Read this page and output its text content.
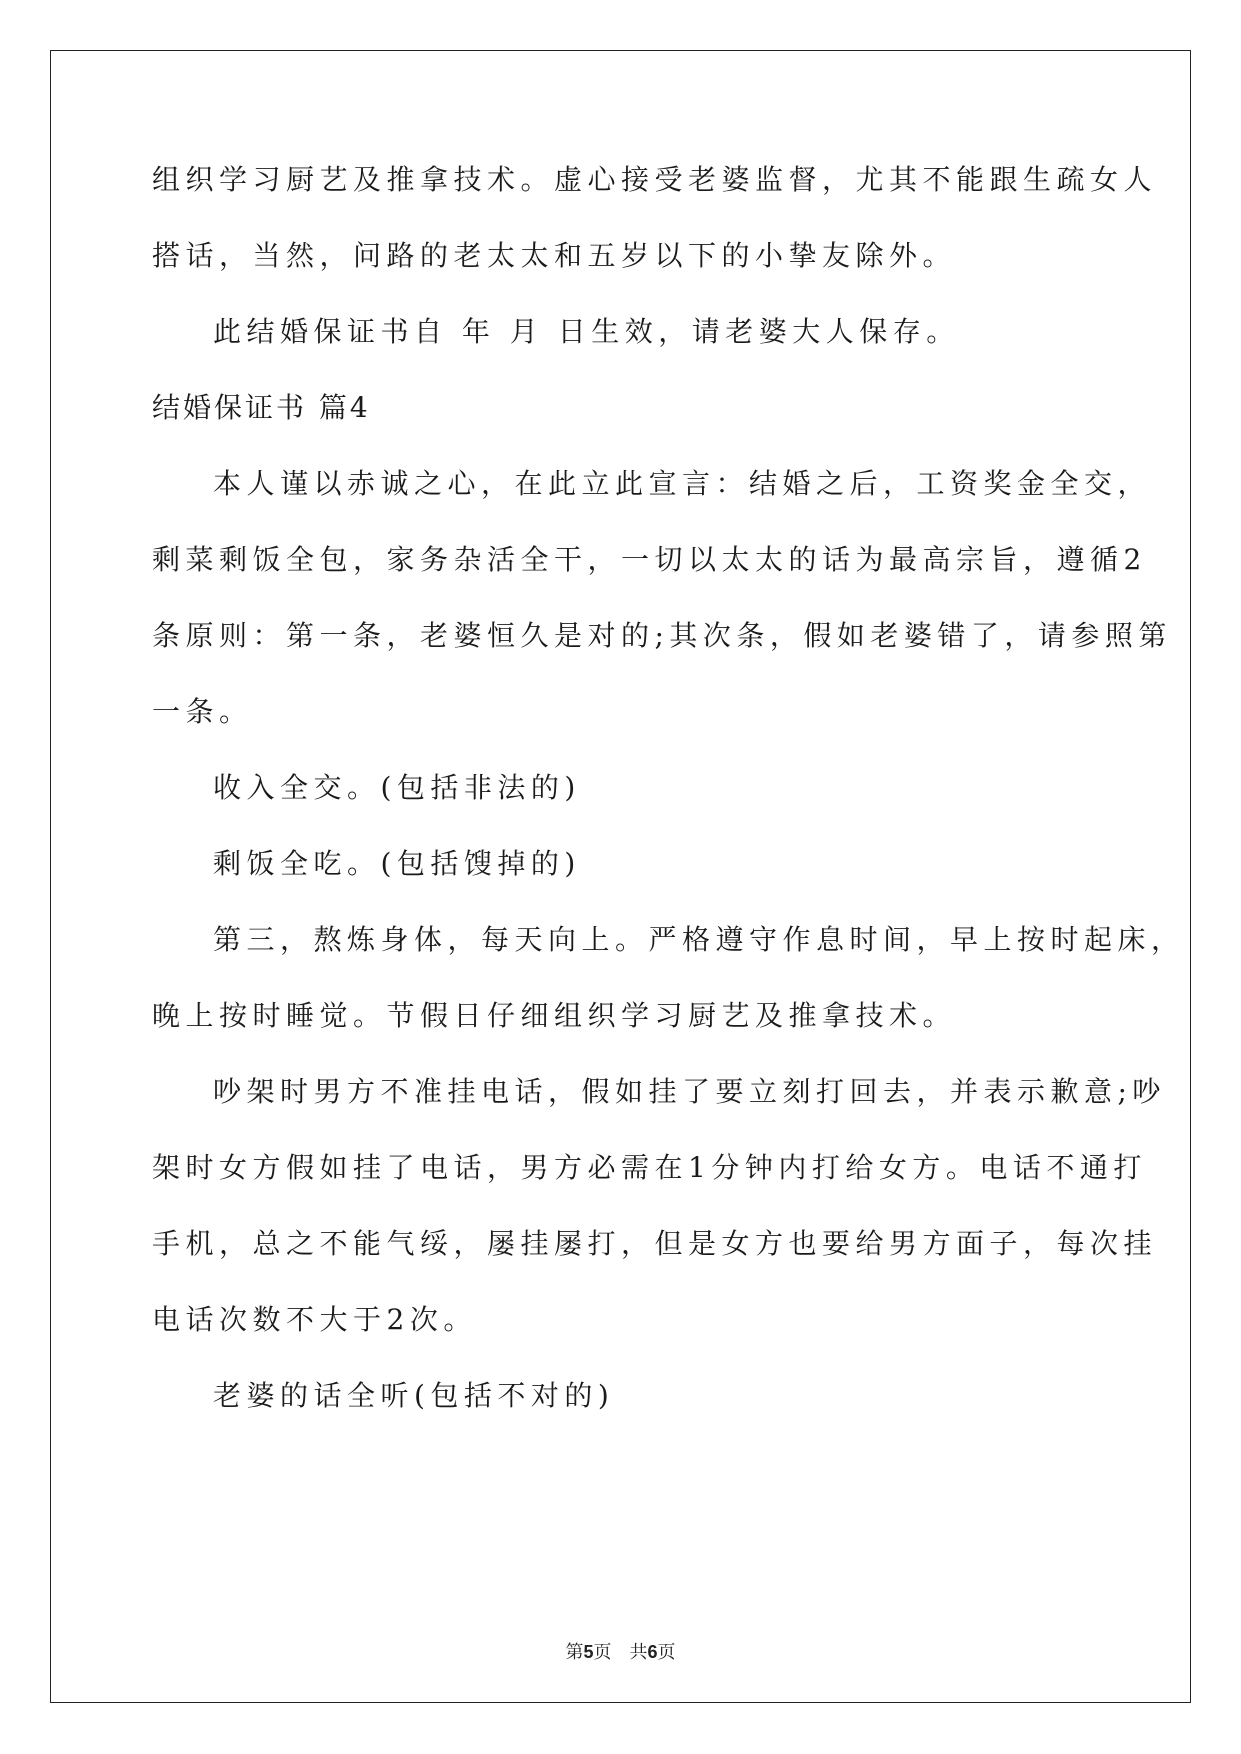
组织学习厨艺及推拿技术。虚心接受老婆监督，尤其不能跟生疏女人
搭话，当然，问路的老太太和五岁以下的小挚友除外。
此结婚保证书自 年 月 日生效，请老婆大人保存。
结婚保证书 篇4
本人谨以赤诚之心，在此立此宣言：结婚之后，工资奖金全交，
剩菜剩饭全包，家务杂活全干，一切以太太的话为最高宗旨，遵循2
条原则：第一条，老婆恒久是对的;其次条，假如老婆错了，请参照第
一条。
收入全交。(包括非法的)
剩饭全吃。(包括馊掉的)
第三，熬炼身体，每天向上。严格遵守作息时间，早上按时起床，
晚上按时睡觉。节假日仔细组织学习厨艺及推拿技术。
吵架时男方不准挂电话，假如挂了要立刻打回去，并表示歉意;吵
架时女方假如挂了电话，男方必需在1分钟内打给女方。电话不通打
手机，总之不能气绥，屡挂屡打，但是女方也要给男方面子，每次挂
电话次数不大于2次。
老婆的话全听(包括不对的)
第5页 共6页
